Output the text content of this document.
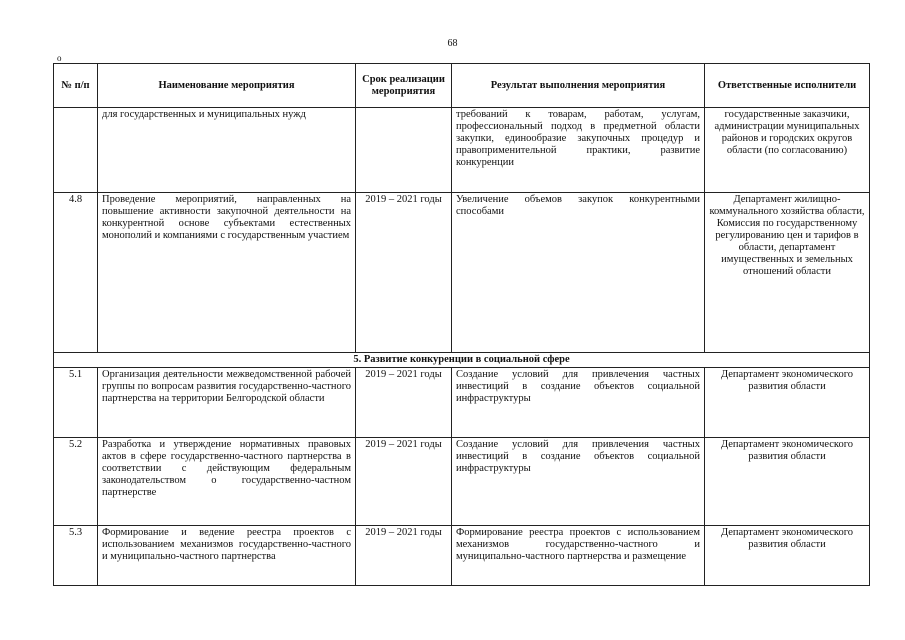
68
о
№ п/п	Наименование мероприятия	Срок реализации мероприятия	Результат выполнения мероприятия	Ответственные исполнители
	для государственных и муниципальных нужд		требований к товарам, работам, услугам, профессиональный подход в предметной области закупки, единообразие закупочных процедур и правоприменительной практики, развитие конкуренции	государственные заказчики, администрации муниципальных районов и городских округов области (по согласованию)
4.8	Проведение мероприятий, направленных на повышение активности закупочной деятельности на конкурентной основе субъектами естественных монополий и компаниями с государственным участием	2019 – 2021 годы	Увеличение объемов закупок конкурентными способами	Департамент жилищно-коммунального хозяйства области, Комиссия по государственному регулированию цен и тарифов в области, департамент имущественных и земельных отношений области
5. Развитие конкуренции в социальной сфере				
5.1	Организация деятельности межведомственной рабочей группы по вопросам развития государственно-частного партнерства на территории Белгородской области	2019 – 2021 годы	Создание условий для привлечения частных инвестиций в создание объектов социальной инфраструктуры	Департамент экономического развития области
5.2	Разработка и утверждение нормативных правовых актов в сфере государственно-частного партнерства в соответствии с действующим федеральным законодательством о государственно-частном партнерстве	2019 – 2021 годы	Создание условий для привлечения частных инвестиций в создание объектов социальной инфраструктуры	Департамент экономического развития области
5.3	Формирование и ведение реестра проектов с использованием механизмов государственно-частного и муниципально-частного партнерства	2019 – 2021 годы	Формирование реестра проектов с использованием механизмов государственно-частного и муниципально-частного партнерства и размещение	Департамент экономического развития области
